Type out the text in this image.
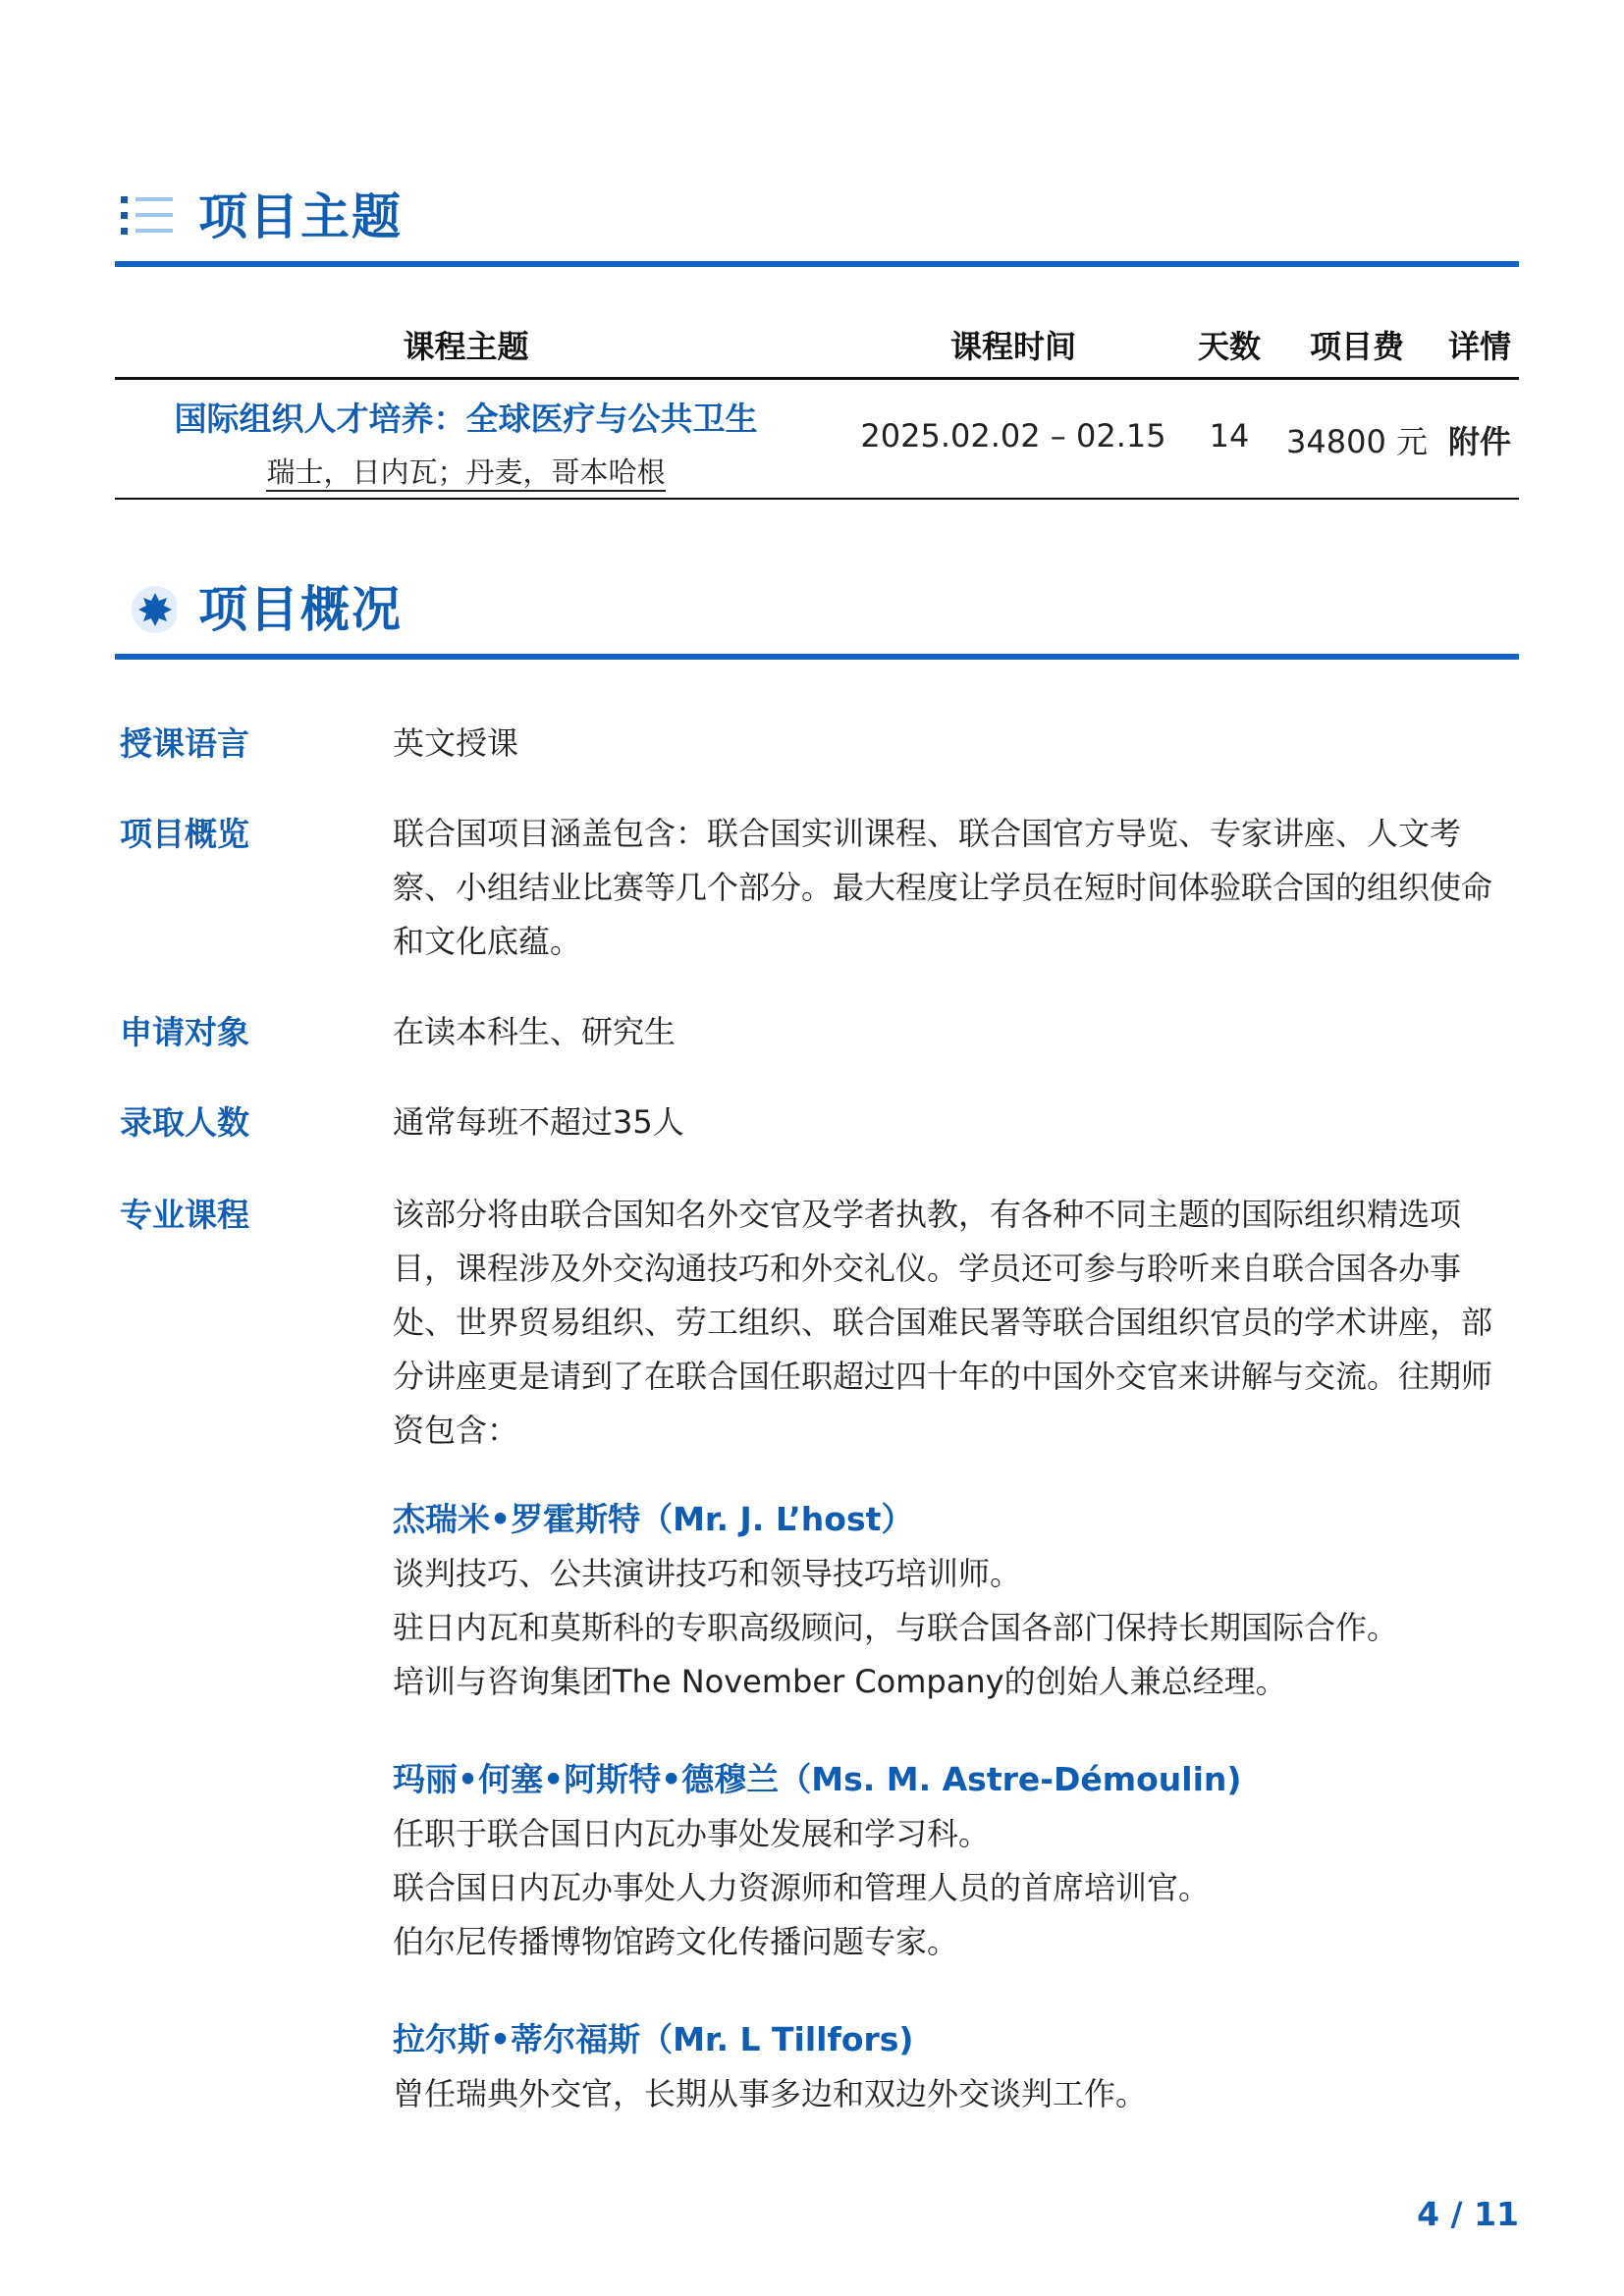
项目主题
课程主题	课程时间	天数	项目费	详情
国际组织人才培养：全球医疗与公共卫生
瑞士，日内瓦；丹麦，哥本哈根
2025.02.02 – 02.15	14	34800 元 附件
项目概况
授课语言	英文授课

项目概览	联合国项目涵盖包含：联合国实训课程、联合国官方导览、专家讲座、人文考

察、小组结业比赛等几个部分。最大程度让学员在短时间体验联合国的组织使命

和文化底蕴。

申请对象	在读本科生、研究生

录取人数	通常每班不超过35人

专业课程	该部分将由联合国知名外交官及学者执教，有各种不同主题的国际组织精选项

目，课程涉及外交沟通技巧和外交礼仪。学员还可参与聆听来自联合国各办事

处、世界贸易组织、劳工组织、联合国难民署等联合国组织官员的学术讲座，部

分讲座更是请到了在联合国任职超过四十年的中国外交官来讲解与交流。往期师

资包含：

杰瑞米•罗霍斯特（Mr. J. L’host）

谈判技巧、公共演讲技巧和领导技巧培训师。

驻日内瓦和莫斯科的专职高级顾问，与联合国各部门保持长期国际合作。

培训与咨询集团The November Company的创始人兼总经理。

玛丽•何塞•阿斯特•德穆兰（Ms. M. Astre-Démoulin)

任职于联合国日内瓦办事处发展和学习科。

联合国日内瓦办事处人力资源师和管理人员的首席培训官。

伯尔尼传播博物馆跨文化传播问题专家。

拉尔斯•蒂尔福斯（Mr. L Tillfors)

曾任瑞典外交官，长期从事多边和双边外交谈判工作。

4 / 11
